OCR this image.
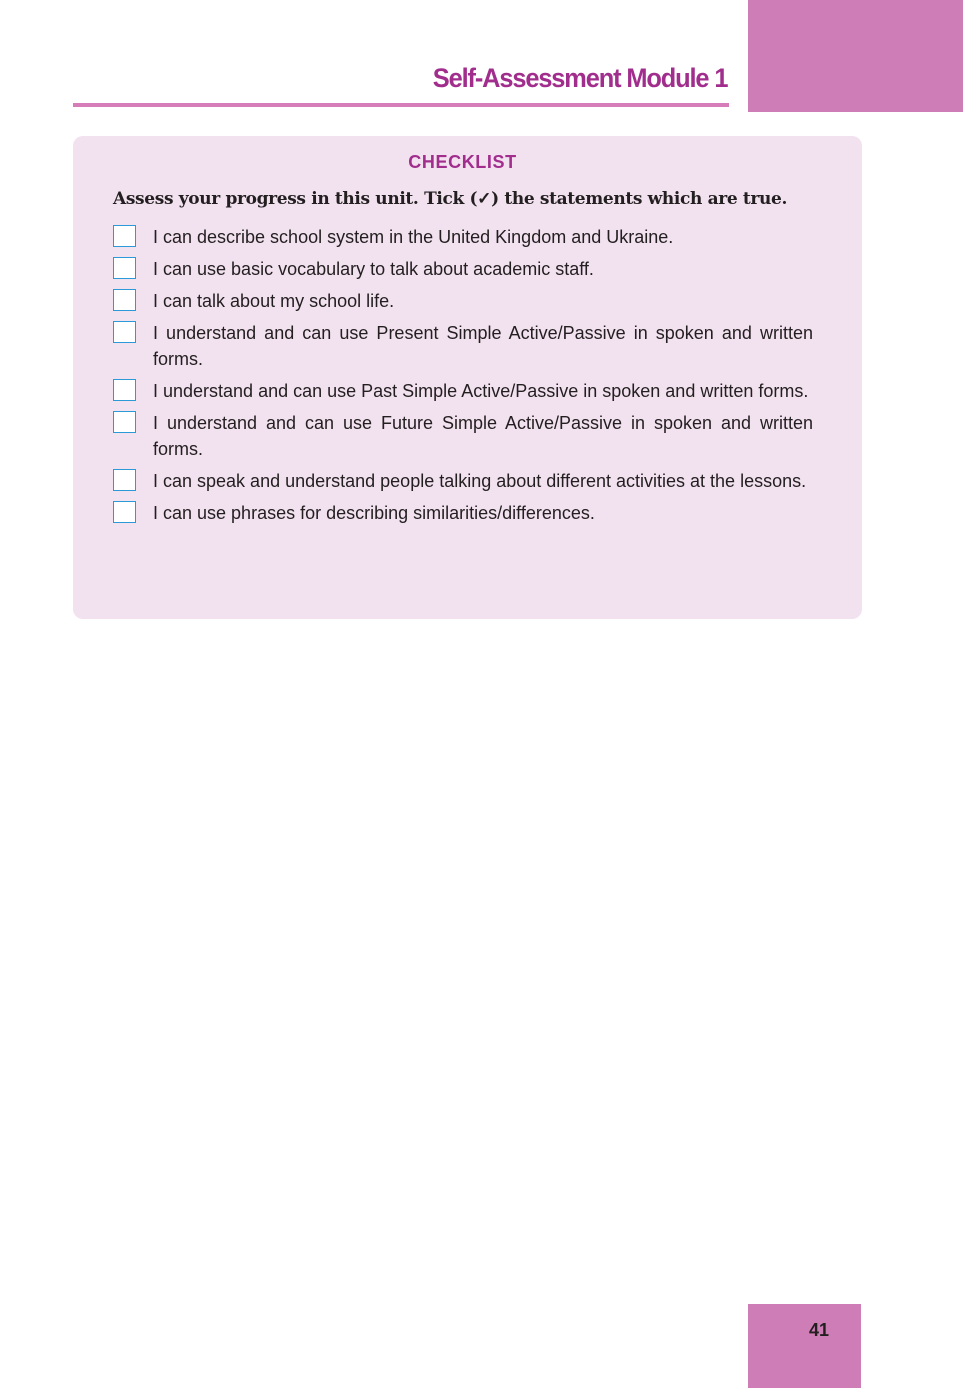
Self-Assessment Module 1
CHECKLIST
Assess your progress in this unit. Tick (✓) the statements which are true.
I can describe school system in the United Kingdom and Ukraine.
I can use basic vocabulary to talk about academic staff.
I can talk about my school life.
I understand and can use Present Simple Active/Passive in spoken and written forms.
I understand and can use Past Simple Active/Passive in spoken and written forms.
I understand and can use Future Simple Active/Passive in spoken and written forms.
I can speak and understand people talking about different activities at the lessons.
I can use phrases for describing similarities/differences.
41
